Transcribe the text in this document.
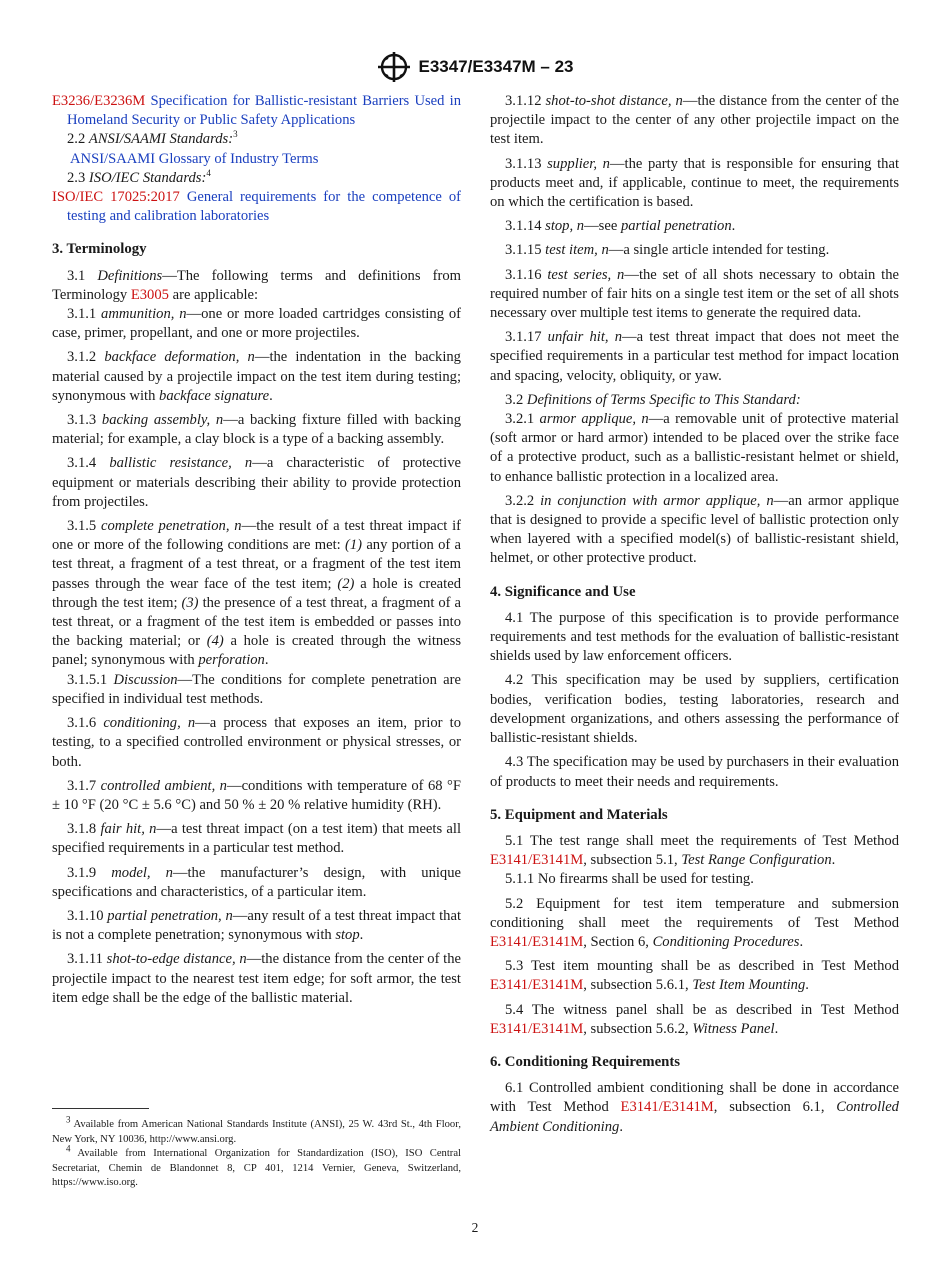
E3347/E3347M – 23

E3236/E3236M Specification for Ballistic-resistant Barriers Used in Homeland Security or Public Safety Applications

2.2 ANSI/SAAMI Standards:$^3$

ANSI/SAAMI Glossary of Industry Terms

2.3 ISO/IEC Standards:$^4$

ISO/IEC 17025:2017 General requirements for the competence of testing and calibration laboratories

3. Terminology

3.1 Definitions—The following terms and definitions from Terminology E3005 are applicable:

3.1.1 ammunition, n—one or more loaded cartridges consisting of case, primer, propellant, and one or more projectiles.

3.1.2 backface deformation, n—the indentation in the backing material caused by a projectile impact on the test item during testing; synonymous with backface signature.

3.1.3 backing assembly, n—a backing fixture filled with backing material; for example, a clay block is a type of a backing assembly.

3.1.4 ballistic resistance, n—a characteristic of protective equipment or materials describing their ability to provide protection from projectiles.

3.1.5 complete penetration, n—the result of a test threat impact if one or more of the following conditions are met: (1) any portion of a test threat, a fragment of a test threat, or a fragment of the test item passes through the wear face of the test item; (2) a hole is created through the test item; (3) the presence of a test threat, a fragment of a test threat, or a fragment of the test item is embedded or passes into the backing material; or (4) a hole is created through the witness panel; synonymous with perforation.

3.1.5.1 Discussion—The conditions for complete penetration are specified in individual test methods.

3.1.6 conditioning, n—a process that exposes an item, prior to testing, to a specified controlled environment or physical stresses, or both.

3.1.7 controlled ambient, n—conditions with temperature of 68 °F ± 10 °F (20 °C ± 5.6 °C) and 50 % ± 20 % relative humidity (RH).

3.1.8 fair hit, n—a test threat impact (on a test item) that meets all specified requirements in a particular test method.

3.1.9 model, n—the manufacturer’s design, with unique specifications and characteristics, of a particular item.

3.1.10 partial penetration, n—any result of a test threat impact that is not a complete penetration; synonymous with stop.

3.1.11 shot-to-edge distance, n—the distance from the center of the projectile impact to the nearest test item edge; for soft armor, the test item edge shall be the edge of the ballistic material.

$^3$ Available from American National Standards Institute (ANSI), 25 W. 43rd St., 4th Floor, New York, NY 10036, http://www.ansi.org.

$^4$ Available from International Organization for Standardization (ISO), ISO Central Secretariat, Chemin de Blandonnet 8, CP 401, 1214 Vernier, Geneva, Switzerland, https://www.iso.org.

3.1.12 shot-to-shot distance, n—the distance from the center of the projectile impact to the center of any other projectile impact on the test item.

3.1.13 supplier, n—the party that is responsible for ensuring that products meet and, if applicable, continue to meet, the requirements on which the certification is based.

3.1.14 stop, n—see partial penetration.

3.1.15 test item, n—a single article intended for testing.

3.1.16 test series, n—the set of all shots necessary to obtain the required number of fair hits on a single test item or the set of all shots necessary over multiple test items to generate the required data.

3.1.17 unfair hit, n—a test threat impact that does not meet the specified requirements in a particular test method for impact location and spacing, velocity, obliquity, or yaw.

3.2 Definitions of Terms Specific to This Standard:

3.2.1 armor applique, n—a removable unit of protective material (soft armor or hard armor) intended to be placed over the strike face of a protective product, such as a ballistic-resistant helmet or shield, to enhance ballistic protection in a localized area.

3.2.2 in conjunction with armor applique, n—an armor applique that is designed to provide a specific level of ballistic protection only when layered with a specified model(s) of ballistic-resistant shield, helmet, or other protective product.

4. Significance and Use

4.1 The purpose of this specification is to provide performance requirements and test methods for the evaluation of ballistic-resistant shields used by law enforcement officers.

4.2 This specification may be used by suppliers, certification bodies, verification bodies, testing laboratories, research and development organizations, and others assessing the performance of ballistic-resistant shields.

4.3 The specification may be used by purchasers in their evaluation of products to meet their needs and requirements.

5. Equipment and Materials

5.1 The test range shall meet the requirements of Test Method E3141/E3141M, subsection 5.1, Test Range Configuration.

5.1.1 No firearms shall be used for testing.

5.2 Equipment for test item temperature and submersion conditioning shall meet the requirements of Test Method E3141/E3141M, Section 6, Conditioning Procedures.

5.3 Test item mounting shall be as described in Test Method E3141/E3141M, subsection 5.6.1, Test Item Mounting.

5.4 The witness panel shall be as described in Test Method E3141/E3141M, subsection 5.6.2, Witness Panel.

6. Conditioning Requirements

6.1 Controlled ambient conditioning shall be done in accordance with Test Method E3141/E3141M, subsection 6.1, Controlled Ambient Conditioning.

2
